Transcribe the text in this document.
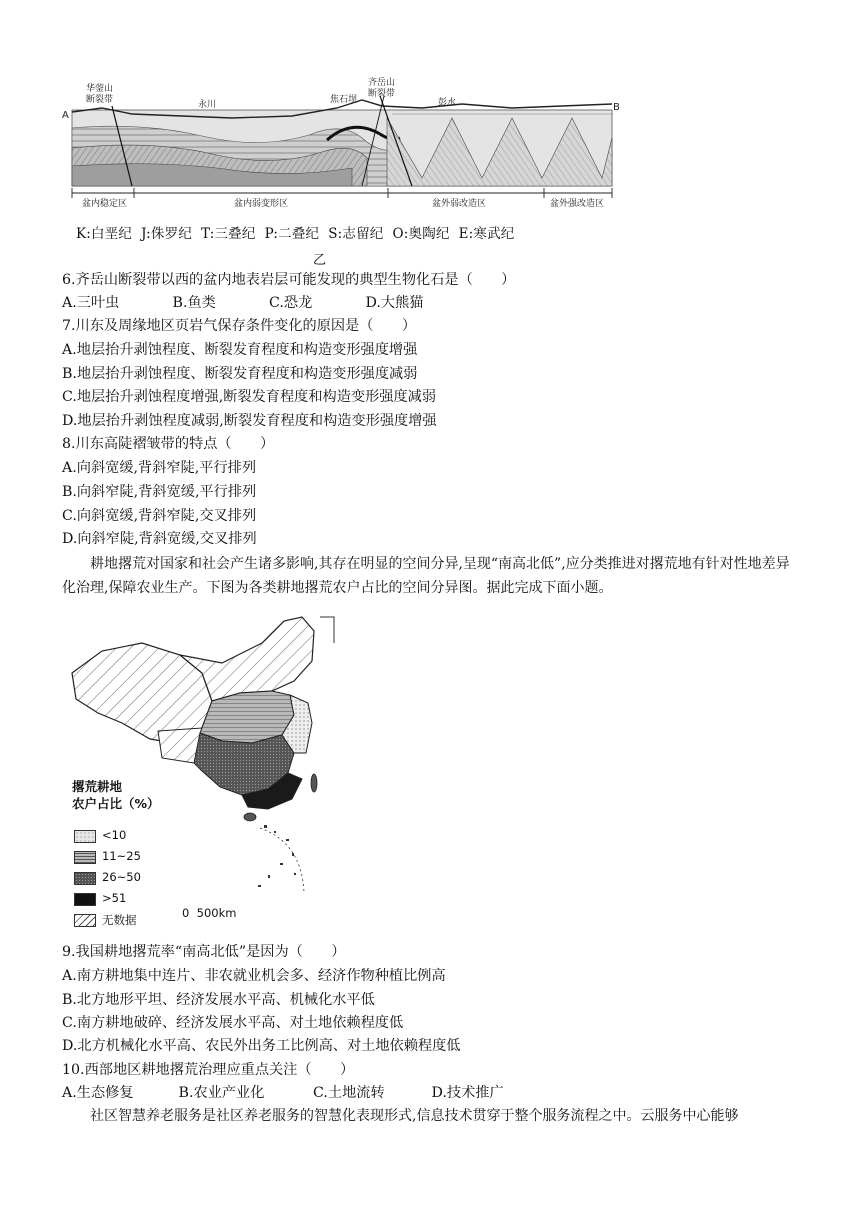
A
B
华蓥山
断裂带	永川	焦石坝
齐岳山
断裂带
彭水
盆内稳定区	盆内弱变形区	盆外弱改造区	盆外强改造区
K:白垩纪  J:侏罗纪  T:三叠纪  P:二叠纪  S:志留纪  O:奥陶纪  E:寒武纪
乙
6.齐岳山断裂带以西的盆内地表岩层可能发现的典型生物化石是（　　）
A.三叶虫	B.鱼类	C.恐龙	D.大熊猫
7.川东及周缘地区页岩气保存条件变化的原因是（　　）
A.地层抬升剥蚀程度、断裂发育程度和构造变形强度增强
B.地层抬升剥蚀程度、断裂发育程度和构造变形强度减弱
C.地层抬升剥蚀程度增强,断裂发育程度和构造变形强度减弱
D.地层抬升剥蚀程度减弱,断裂发育程度和构造变形强度增强
8.川东高陡褶皱带的特点（　　）
A.向斜宽缓,背斜窄陡,平行排列
B.向斜窄陡,背斜宽缓,平行排列
C.向斜宽缓,背斜窄陡,交叉排列
D.向斜窄陡,背斜宽缓,交叉排列
耕地撂荒对国家和社会产生诸多影响,其存在明显的空间分异,呈现“南高北低”,应分类推进对撂荒地有针对性地差异化治理,保障农业生产。下图为各类耕地撂荒农户占比的空间分异图。据此完成下面小题。
撂荒耕地
农户占比（%）
<10
11~25
26~50
>51
无数据	0  500km
9.我国耕地撂荒率“南高北低”是因为（　　）
A.南方耕地集中连片、非农就业机会多、经济作物种植比例高
B.北方地形平坦、经济发展水平高、机械化水平低
C.南方耕地破碎、经济发展水平高、对土地依赖程度低
D.北方机械化水平高、农民外出务工比例高、对土地依赖程度低
10.西部地区耕地撂荒治理应重点关注（　　）
A.生态修复	B.农业产业化	C.土地流转	D.技术推广
社区智慧养老服务是社区养老服务的智慧化表现形式,信息技术贯穿于整个服务流程之中。云服务中心能够
